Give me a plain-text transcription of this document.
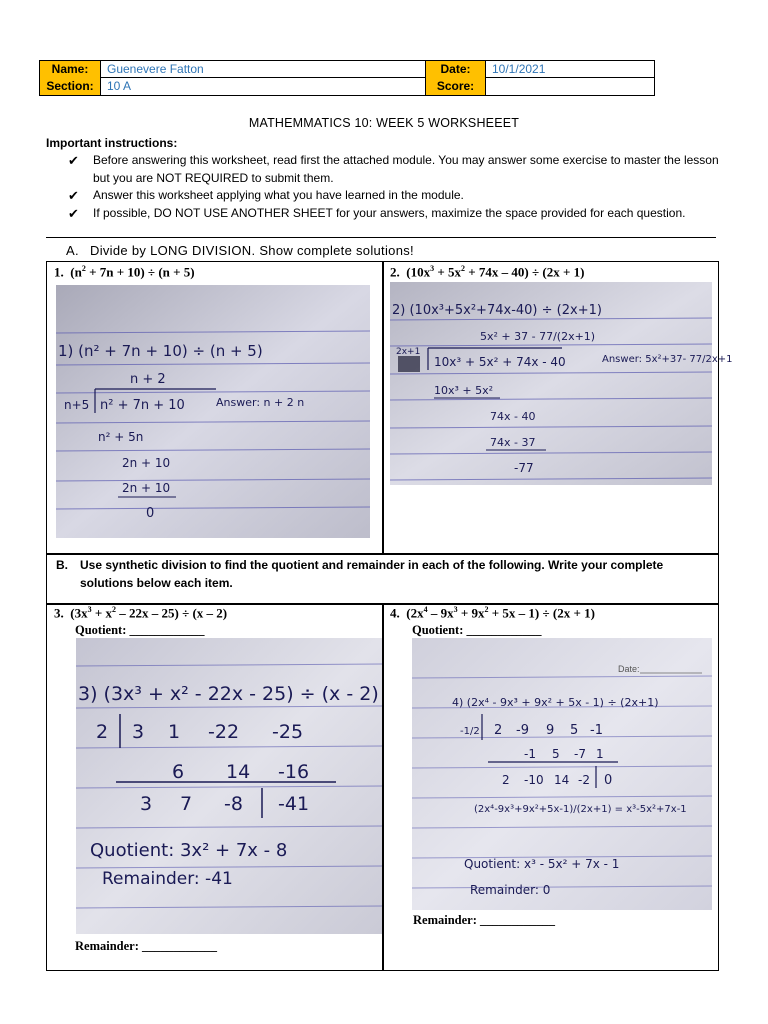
Name:	Guenevere Fatton	Date:	10/1/2021
Section:	10 A	Score:
MATHEMMATICS 10: WEEK 5 WORKSHEEET
Important instructions:
✔ Before answering this worksheet, read first the attached module. You may answer some exercise to master the lesson but you are NOT REQUIRED to submit them.
✔ Answer this worksheet applying what you have learned in the module.
✔ If possible, DO NOT USE ANOTHER SHEET for your answers, maximize the space provided for each question.
A. Divide by LONG DIVISION. Show complete solutions!
1.  $(n^2 + 7n + 10) \div (n + 5)$
1) (n² + 7n + 10) ÷ (n + 5)
n + 2
n+5 n² + 7n + 10	Answer: n + 2 n
n² + 5n
2n + 10
2n + 10
0
2.  $(10x^3 + 5x^2 + 74x - 40) \div (2x + 1)$
2) (10x³+5x²+74x-40) ÷ (2x+1)
5x² + 37 - 77/(2x+1)
2x+1
10x³ + 5x² + 74x - 40	Answer: 5x²+37- 77/2x+1
10x³ + 5x²
74x - 40
74x - 37
-77
B. Use synthetic division to find the quotient and remainder in each of the following. Write your complete solutions below each item.
3.  $(3x^3 + x^2 - 22x - 25) \div (x - 2)$
Quotient: ____________
3) (3x³ + x² - 22x - 25) ÷ (x - 2)
2 3 1 -22 -25
6 14 -16
3 7 -8 -41
Quotient: 3x² + 7x - 8
Remainder: -41
Remainder: ____________
4.  $(2x^4 - 9x^3 + 9x^2 + 5x - 1) \div (2x + 1)$
Quotient: ____________
Date:
4) (2x⁴ - 9x³ + 9x² + 5x - 1) ÷ (2x+1)
-1/2 2 -9 9 5 -1
-1 5 -7 1
2 -10 14 -2 0
(2x⁴-9x³+9x²+5x-1)/(2x+1) = x³-5x²+7x-1
Quotient: x³ - 5x² + 7x - 1
Remainder: 0
Remainder: ____________
